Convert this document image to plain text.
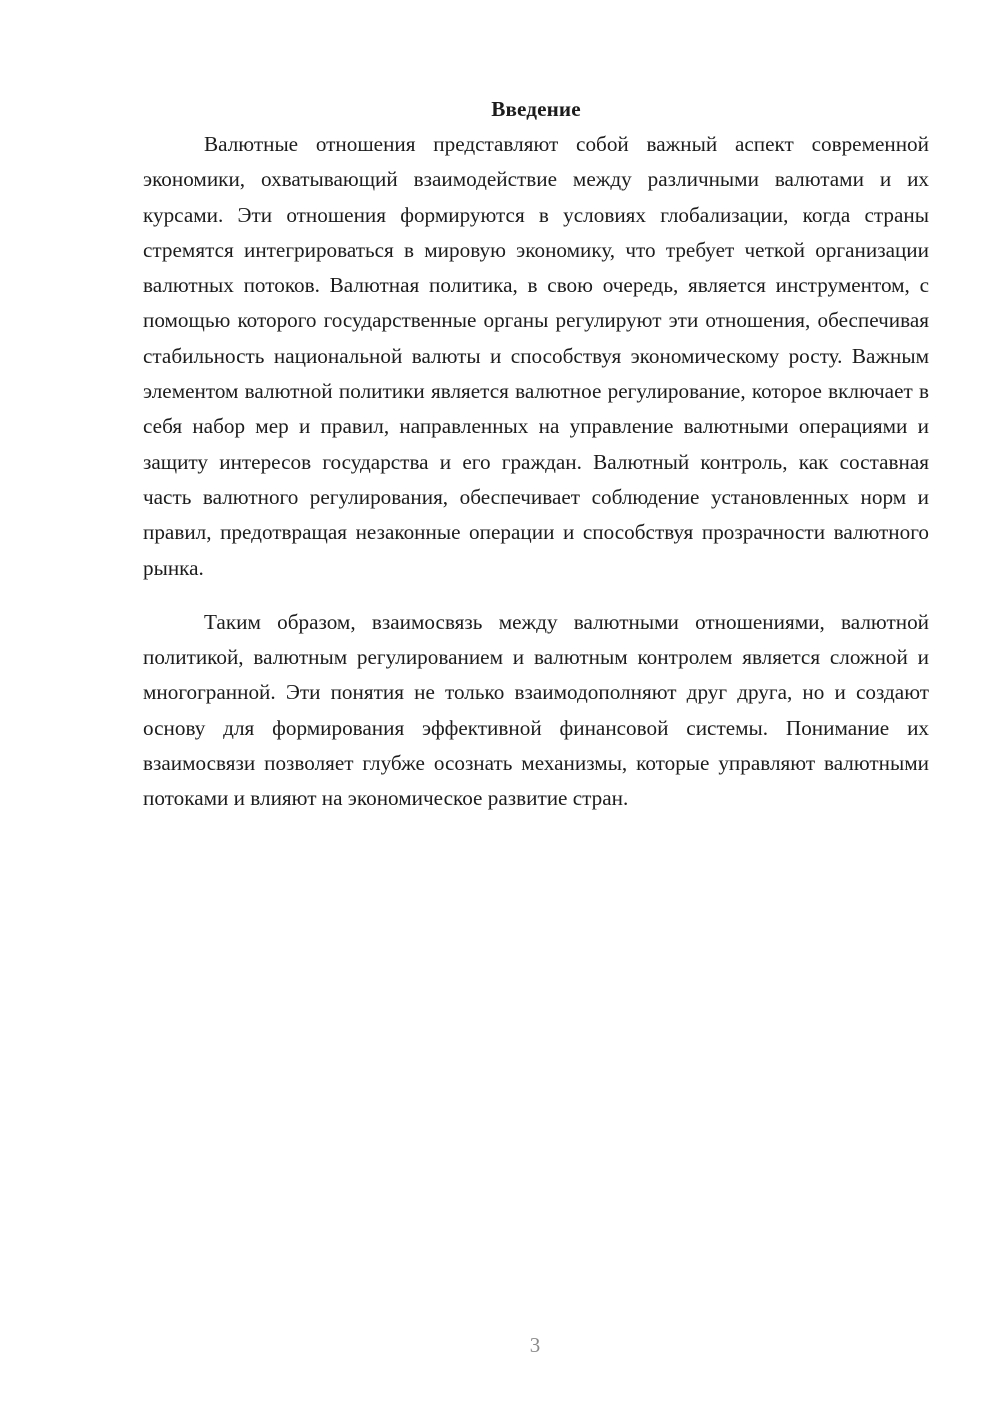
Введение

Валютные отношения представляют собой важный аспект современной экономики, охватывающий взаимодействие между различными валютами и их курсами. Эти отношения формируются в условиях глобализации, когда страны стремятся интегрироваться в мировую экономику, что требует четкой организации валютных потоков. Валютная политика, в свою очередь, является инструментом, с помощью которого государственные органы регулируют эти отношения, обеспечивая стабильность национальной валюты и способствуя экономическому росту. Важным элементом валютной политики является валютное регулирование, которое включает в себя набор мер и правил, направленных на управление валютными операциями и защиту интересов государства и его граждан. Валютный контроль, как составная часть валютного регулирования, обеспечивает соблюдение установленных норм и правил, предотвращая незаконные операции и способствуя прозрачности валютного рынка.

Таким образом, взаимосвязь между валютными отношениями, валютной политикой, валютным регулированием и валютным контролем является сложной и многогранной. Эти понятия не только взаимодополняют друг друга, но и создают основу для формирования эффективной финансовой системы. Понимание их взаимосвязи позволяет глубже осознать механизмы, которые управляют валютными потоками и влияют на экономическое развитие стран.

3
